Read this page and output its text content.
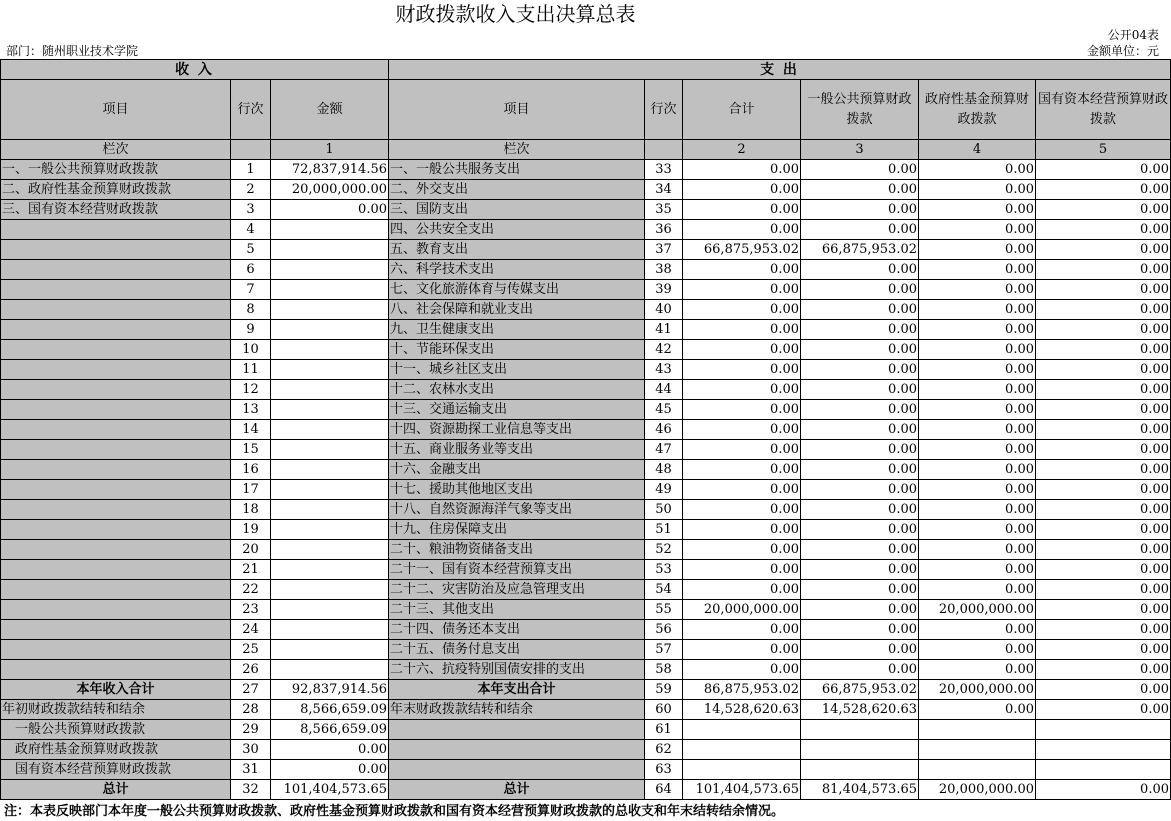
财政拨款收入支出决算总表
公开04表
部门：随州职业技术学院	金额单位：元
收 入			支 出					
项目	行次	金额	项目	行次	合计	一般公共预算财政拨款	政府性基金预算财政拨款	国有资本经营预算财政拨款
栏次		1	栏次		2	3	4	5
一、一般公共预算财政拨款	1	72,837,914.56	一、一般公共服务支出	33	0.00	0.00	0.00	0.00
二、政府性基金预算财政拨款	2	20,000,000.00	二、外交支出	34	0.00	0.00	0.00	0.00
三、国有资本经营财政拨款	3	0.00	三、国防支出	35	0.00	0.00	0.00	0.00
	4		四、公共安全支出	36	0.00	0.00	0.00	0.00
	5		五、教育支出	37	66,875,953.02	66,875,953.02	0.00	0.00
	6		六、科学技术支出	38	0.00	0.00	0.00	0.00
	7		七、文化旅游体育与传媒支出	39	0.00	0.00	0.00	0.00
	8		八、社会保障和就业支出	40	0.00	0.00	0.00	0.00
	9		九、卫生健康支出	41	0.00	0.00	0.00	0.00
	10		十、节能环保支出	42	0.00	0.00	0.00	0.00
	11		十一、城乡社区支出	43	0.00	0.00	0.00	0.00
	12		十二、农林水支出	44	0.00	0.00	0.00	0.00
	13		十三、交通运输支出	45	0.00	0.00	0.00	0.00
	14		十四、资源勘探工业信息等支出	46	0.00	0.00	0.00	0.00
	15		十五、商业服务业等支出	47	0.00	0.00	0.00	0.00
	16		十六、金融支出	48	0.00	0.00	0.00	0.00
	17		十七、援助其他地区支出	49	0.00	0.00	0.00	0.00
	18		十八、自然资源海洋气象等支出	50	0.00	0.00	0.00	0.00
	19		十九、住房保障支出	51	0.00	0.00	0.00	0.00
	20		二十、粮油物资储备支出	52	0.00	0.00	0.00	0.00
	21		二十一、国有资本经营预算支出	53	0.00	0.00	0.00	0.00
	22		二十二、灾害防治及应急管理支出	54	0.00	0.00	0.00	0.00
	23		二十三、其他支出	55	20,000,000.00	0.00	20,000,000.00	0.00
	24		二十四、债务还本支出	56	0.00	0.00	0.00	0.00
	25		二十五、债务付息支出	57	0.00	0.00	0.00	0.00
	26		二十六、抗疫特别国债安排的支出	58	0.00	0.00	0.00	0.00
本年收入合计	27	92,837,914.56	本年支出合计	59	86,875,953.02	66,875,953.02	20,000,000.00	0.00
年初财政拨款结转和结余	28	8,566,659.09	年末财政拨款结转和结余	60	14,528,620.63	14,528,620.63	0.00	0.00
一般公共预算财政拨款	29	8,566,659.09		61				
政府性基金预算财政拨款	30	0.00		62				
国有资本经营预算财政拨款	31	0.00		63				
总计	32	101,404,573.65	总计	64	101,404,573.65	81,404,573.65	20,000,000.00	0.00
注：本表反映部门本年度一般公共预算财政拨款、政府性基金预算财政拨款和国有资本经营预算财政拨款的总收支和年末结转结余情况。
